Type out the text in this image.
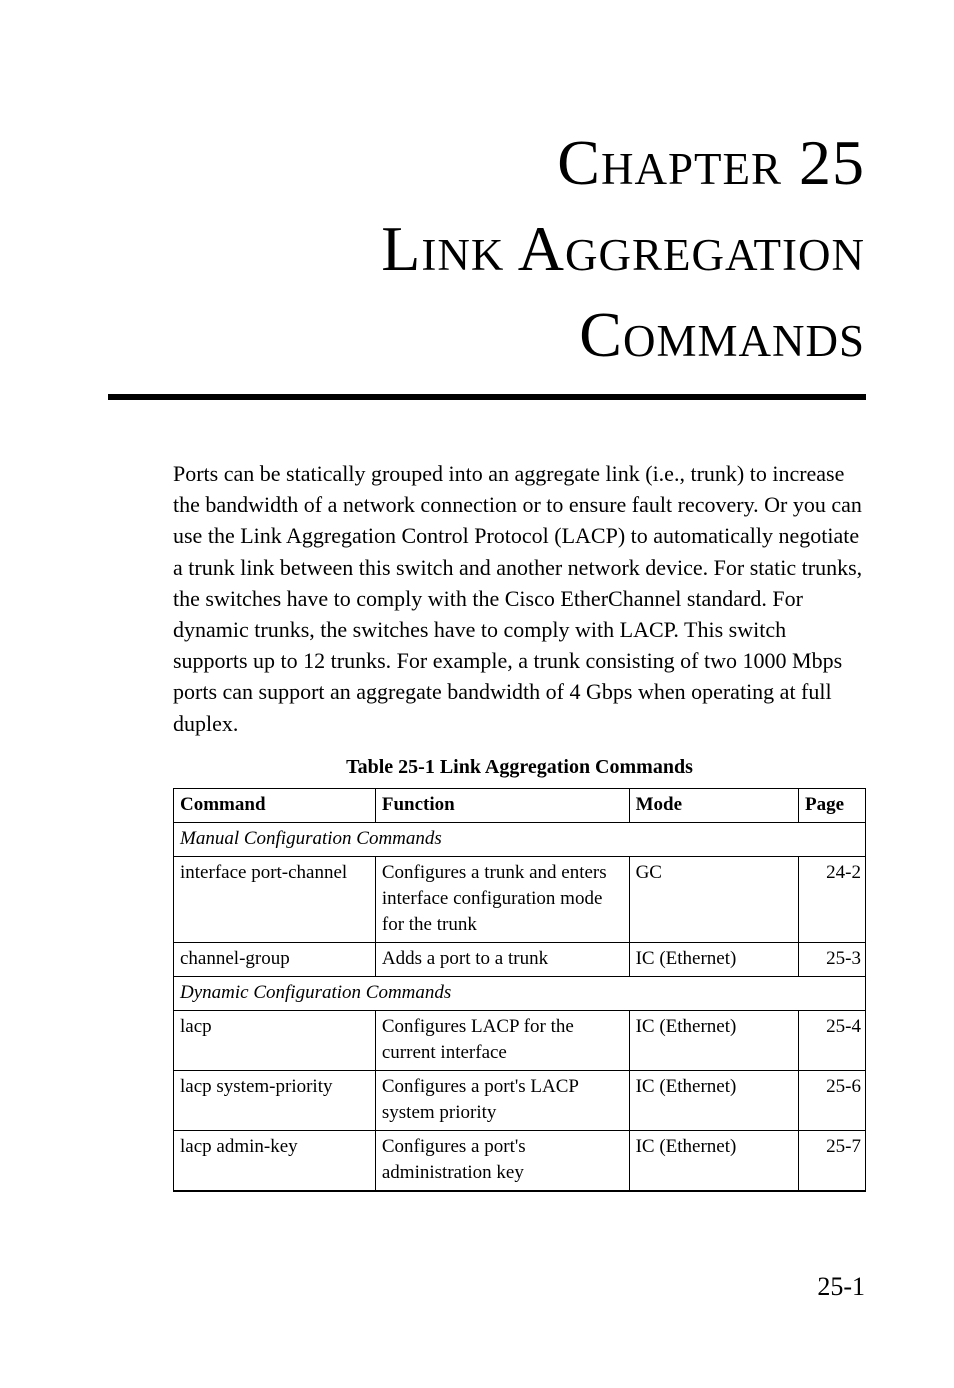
Chapter 25
Link Aggregation
Commands

Ports can be statically grouped into an aggregate link (i.e., trunk) to increase the bandwidth of a network connection or to ensure fault recovery. Or you can use the Link Aggregation Control Protocol (LACP) to automatically negotiate a trunk link between this switch and another network device. For static trunks, the switches have to comply with the Cisco EtherChannel standard. For dynamic trunks, the switches have to comply with LACP. This switch supports up to 12 trunks. For example, a trunk consisting of two 1000 Mbps ports can support an aggregate bandwidth of 4 Gbps when operating at full duplex.

Table 25-1 Link Aggregation Commands
Command	Function	Mode	Page
Manual Configuration Commands			
interface port-channel	Configures a trunk and enters interface configuration mode for the trunk	GC	24-2
channel-group	Adds a port to a trunk	IC (Ethernet)	25-3
Dynamic Configuration Commands			
lacp	Configures LACP for the current interface	IC (Ethernet)	25-4
lacp system-priority	Configures a port's LACP system priority	IC (Ethernet)	25-6
lacp admin-key	Configures a port's administration key	IC (Ethernet)	25-7
25-1
